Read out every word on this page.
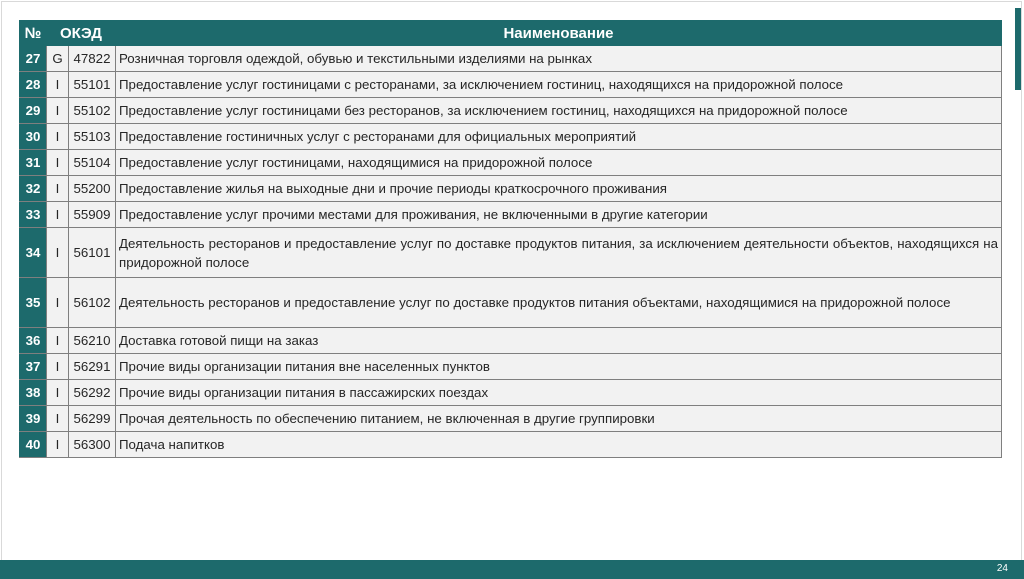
№	ОКЭД		Наименование
27	G	47822	Розничная торговля одеждой, обувью и текстильными изделиями на рынках
28	I	55101	Предоставление услуг гостиницами с ресторанами, за исключением гостиниц, находящихся на придорожной полосе
29	I	55102	Предоставление услуг гостиницами без ресторанов, за исключением гостиниц, находящихся на придорожной полосе
30	I	55103	Предоставление гостиничных услуг с ресторанами для официальных мероприятий
31	I	55104	Предоставление услуг гостиницами, находящимися на придорожной полосе
32	I	55200	Предоставление жилья на выходные дни и прочие периоды краткосрочного проживания
33	I	55909	Предоставление услуг прочими местами для проживания, не включенными в другие категории
34	I	56101	Деятельность ресторанов и предоставление услуг по доставке продуктов питания, за исключением деятельности объектов, находящихся на придорожной полосе
35	I	56102	Деятельность ресторанов и предоставление услуг по доставке продуктов питания объектами, находящимися на придорожной полосе
36	I	56210	Доставка готовой пищи на заказ
37	I	56291	Прочие виды организации питания вне населенных пунктов
38	I	56292	Прочие виды организации питания в пассажирских поездах
39	I	56299	Прочая деятельность по обеспечению питанием, не включенная в другие группировки
40	I	56300	Подача напитков
24
